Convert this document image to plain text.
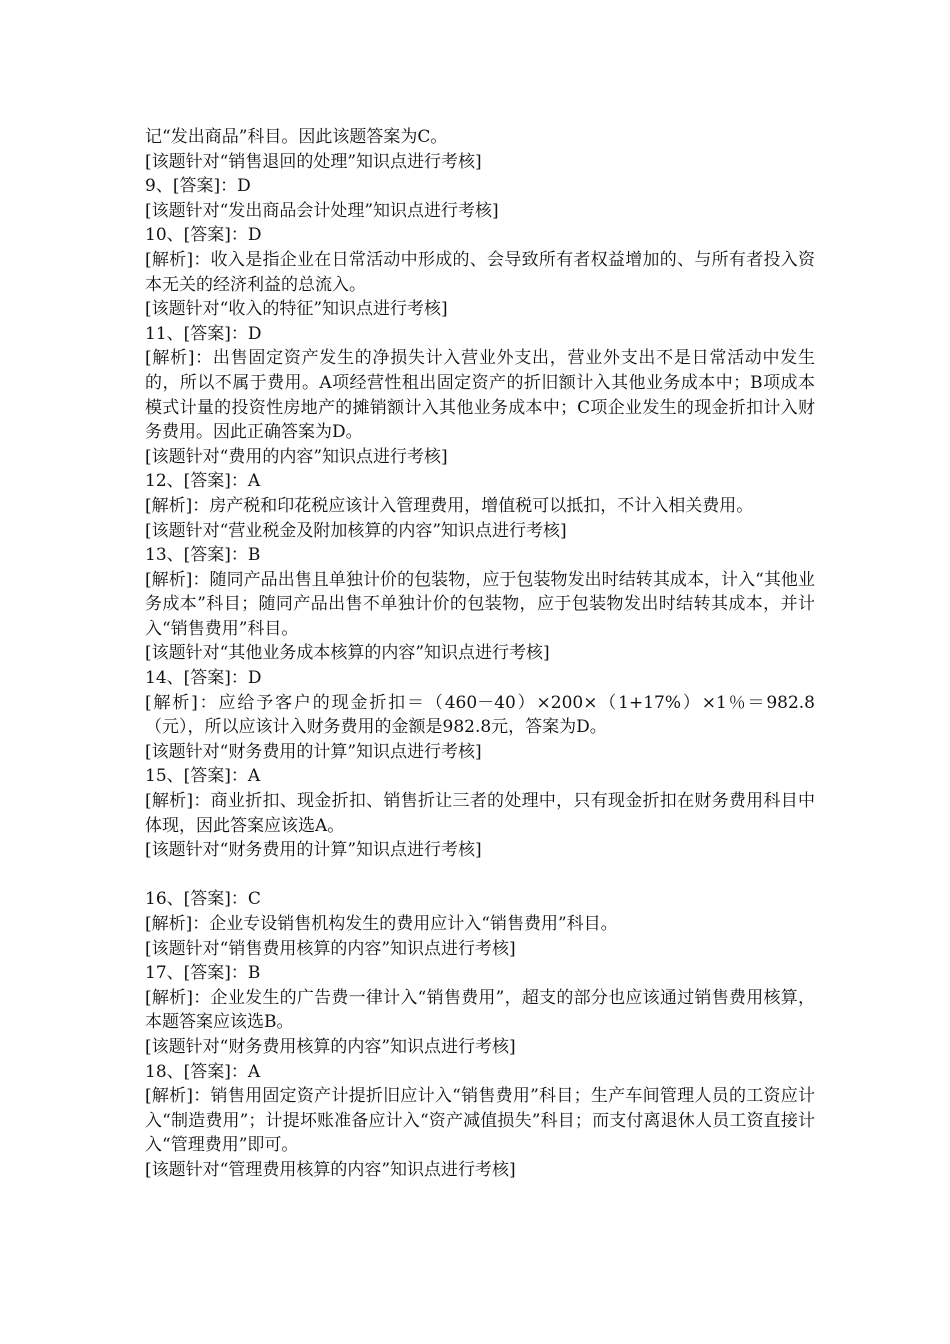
记“发出商品”科目。因此该题答案为C。
[该题针对“销售退回的处理”知识点进行考核]
9、[答案]：D
[该题针对“发出商品会计处理”知识点进行考核]
10、[答案]：D
[解析]：收入是指企业在日常活动中形成的、会导致所有者权益增加的、与所有者投入资本无关的经济利益的总流入。
[该题针对“收入的特征”知识点进行考核]
11、[答案]：D
[解析]：出售固定资产发生的净损失计入营业外支出，营业外支出不是日常活动中发生的，所以不属于费用。A项经营性租出固定资产的折旧额计入其他业务成本中；B项成本模式计量的投资性房地产的摊销额计入其他业务成本中；C项企业发生的现金折扣计入财务费用。因此正确答案为D。
[该题针对“费用的内容”知识点进行考核]
12、[答案]：A
[解析]：房产税和印花税应该计入管理费用，增值税可以抵扣，不计入相关费用。
[该题针对“营业税金及附加核算的内容”知识点进行考核]
13、[答案]：B
[解析]：随同产品出售且单独计价的包装物，应于包装物发出时结转其成本，计入“其他业务成本”科目；随同产品出售不单独计价的包装物，应于包装物发出时结转其成本，并计入“销售费用”科目。
[该题针对“其他业务成本核算的内容”知识点进行考核]
14、[答案]：D
[解析]：应给予客户的现金折扣＝（460－40）×200×（1+17%）×1％＝982.8（元），所以应该计入财务费用的金额是982.8元，答案为D。
[该题针对“财务费用的计算”知识点进行考核]
15、[答案]：A
[解析]：商业折扣、现金折扣、销售折让三者的处理中，只有现金折扣在财务费用科目中体现，因此答案应该选A。
[该题针对“财务费用的计算”知识点进行考核]
16、[答案]：C
[解析]：企业专设销售机构发生的费用应计入“销售费用”科目。
[该题针对“销售费用核算的内容”知识点进行考核]
17、[答案]：B
[解析]：企业发生的广告费一律计入“销售费用”，超支的部分也应该通过销售费用核算，本题答案应该选B。
[该题针对“财务费用核算的内容”知识点进行考核]
18、[答案]：A
[解析]：销售用固定资产计提折旧应计入“销售费用”科目；生产车间管理人员的工资应计入“制造费用”；计提坏账准备应计入“资产减值损失”科目；而支付离退休人员工资直接计入“管理费用”即可。
[该题针对“管理费用核算的内容”知识点进行考核]
